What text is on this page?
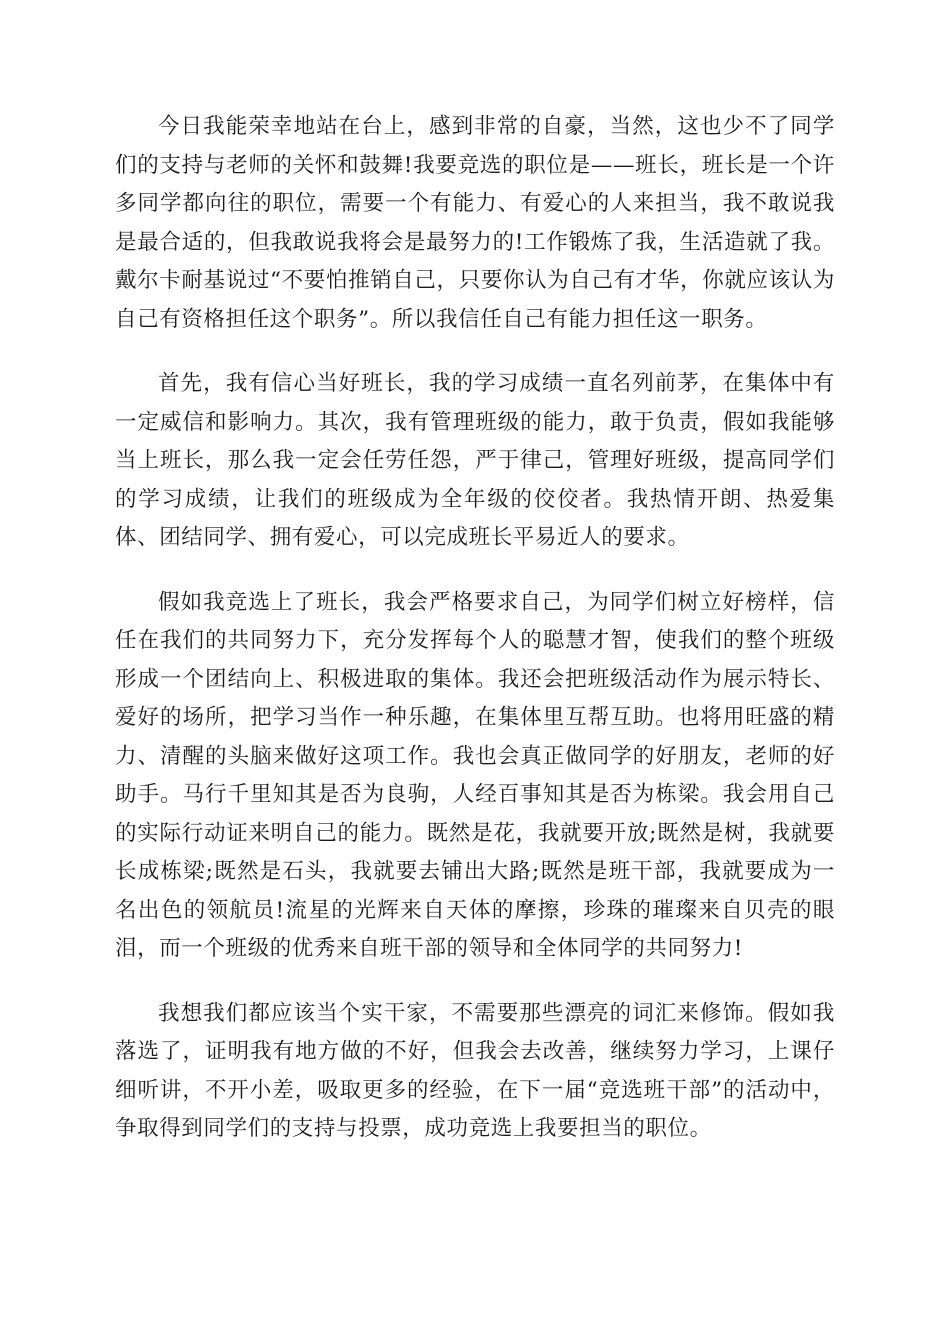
今日我能荣幸地站在台上，感到非常的自豪，当然，这也少不了同学们的支持与老师的关怀和鼓舞!我要竞选的职位是——班长，班长是一个许多同学都向往的职位，需要一个有能力、有爱心的人来担当，我不敢说我是最合适的，但我敢说我将会是最努力的!工作锻炼了我，生活造就了我。戴尔卡耐基说过“不要怕推销自己，只要你认为自己有才华，你就应该认为自己有资格担任这个职务”。所以我信任自己有能力担任这一职务。

首先，我有信心当好班长，我的学习成绩一直名列前茅，在集体中有一定威信和影响力。其次，我有管理班级的能力，敢于负责，假如我能够当上班长，那么我一定会任劳任怨，严于律己，管理好班级，提高同学们的学习成绩，让我们的班级成为全年级的佼佼者。我热情开朗、热爱集体、团结同学、拥有爱心，可以完成班长平易近人的要求。

假如我竞选上了班长，我会严格要求自己，为同学们树立好榜样，信任在我们的共同努力下，充分发挥每个人的聪慧才智，使我们的整个班级形成一个团结向上、积极进取的集体。我还会把班级活动作为展示特长、爱好的场所，把学习当作一种乐趣，在集体里互帮互助。也将用旺盛的精力、清醒的头脑来做好这项工作。我也会真正做同学的好朋友，老师的好助手。马行千里知其是否为良驹，人经百事知其是否为栋梁。我会用自己的实际行动证来明自己的能力。既然是花，我就要开放;既然是树，我就要长成栋梁;既然是石头，我就要去铺出大路;既然是班干部，我就要成为一名出色的领航员!流星的光辉来自天体的摩擦，珍珠的璀璨来自贝壳的眼泪，而一个班级的优秀来自班干部的领导和全体同学的共同努力!

我想我们都应该当个实干家，不需要那些漂亮的词汇来修饰。假如我落选了，证明我有地方做的不好，但我会去改善，继续努力学习，上课仔细听讲，不开小差，吸取更多的经验，在下一届“竞选班干部”的活动中，争取得到同学们的支持与投票，成功竞选上我要担当的职位。
